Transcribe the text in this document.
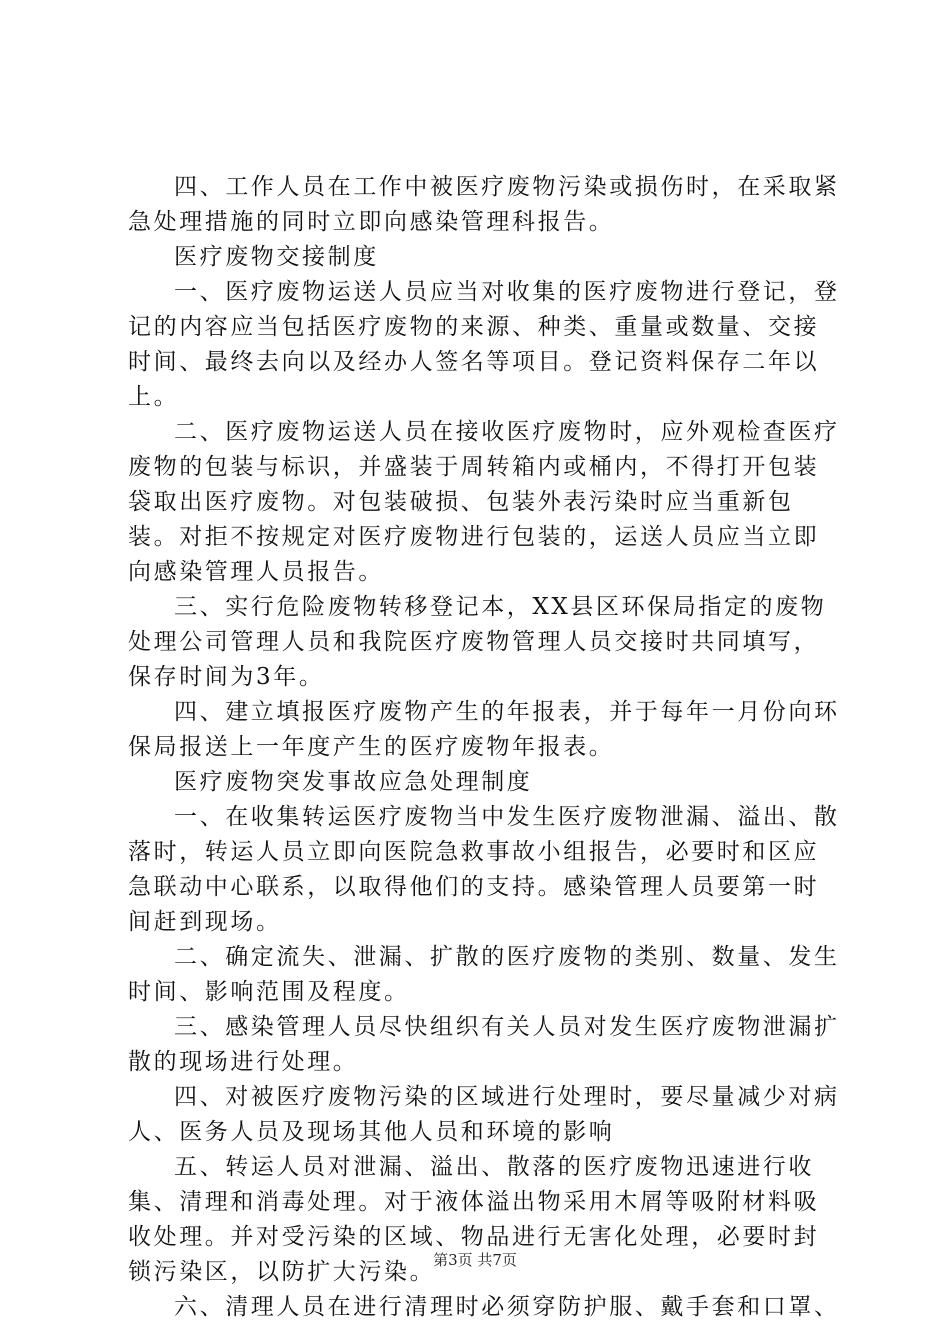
四、工作人员在工作中被医疗废物污染或损伤时，在采取紧急处理措施的同时立即向感染管理科报告。

医疗废物交接制度

一、医疗废物运送人员应当对收集的医疗废物进行登记，登记的内容应当包括医疗废物的来源、种类、重量或数量、交接时间、最终去向以及经办人签名等项目。登记资料保存二年以上。

二、医疗废物运送人员在接收医疗废物时，应外观检查医疗废物的包装与标识，并盛装于周转箱内或桶内，不得打开包装袋取出医疗废物。对包装破损、包装外表污染时应当重新包装。对拒不按规定对医疗废物进行包装的，运送人员应当立即向感染管理人员报告。

三、实行危险废物转移登记本，XX县区环保局指定的废物处理公司管理人员和我院医疗废物管理人员交接时共同填写，保存时间为3年。

四、建立填报医疗废物产生的年报表，并于每年一月份向环保局报送上一年度产生的医疗废物年报表。

医疗废物突发事故应急处理制度

一、在收集转运医疗废物当中发生医疗废物泄漏、溢出、散落时，转运人员立即向医院急救事故小组报告，必要时和区应急联动中心联系，以取得他们的支持。感染管理人员要第一时间赶到现场。

二、确定流失、泄漏、扩散的医疗废物的类别、数量、发生时间、影响范围及程度。

三、感染管理人员尽快组织有关人员对发生医疗废物泄漏扩散的现场进行处理。

四、对被医疗废物污染的区域进行处理时，要尽量减少对病人、医务人员及现场其他人员和环境的影响

五、转运人员对泄漏、溢出、散落的医疗废物迅速进行收集、清理和消毒处理。对于液体溢出物采用木屑等吸附材料吸收处理。并对受污染的区域、物品进行无害化处理，必要时封锁污染区，以防扩大污染。

六、清理人员在进行清理时必须穿防护服、戴手套和口罩、

第3页 共7页
